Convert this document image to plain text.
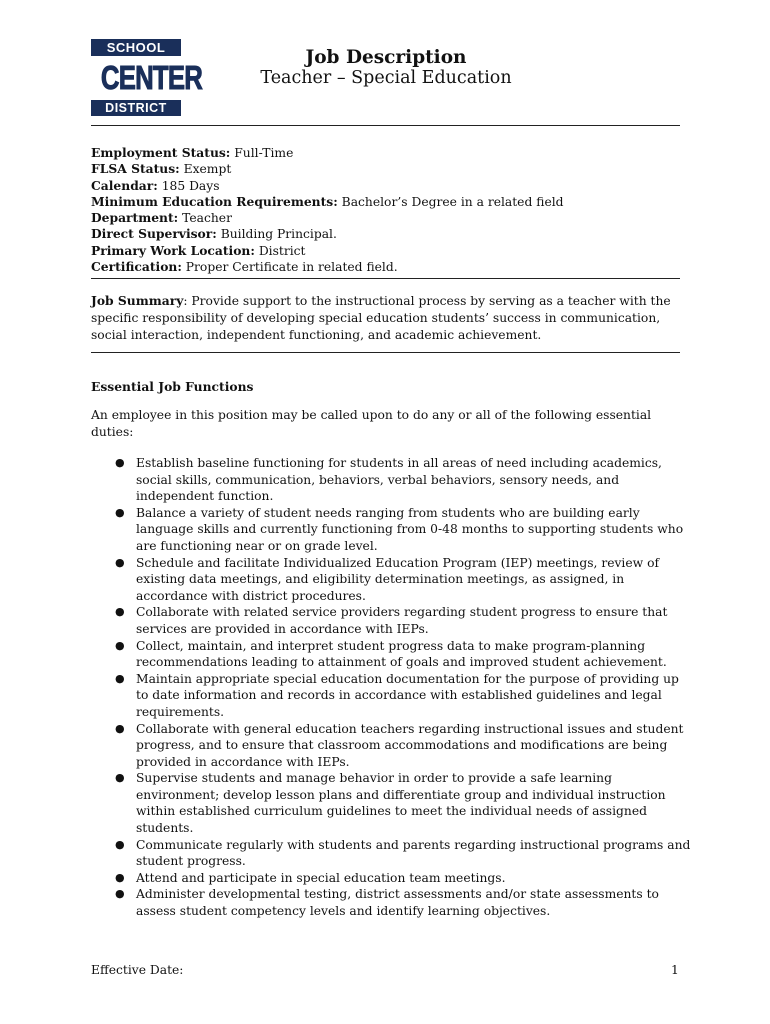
SCHOOL
CENTER
DISTRICT
Job Description
Teacher – Special Education
Employment Status: Full-Time
FLSA Status: Exempt
Calendar: 185 Days
Minimum Education Requirements: Bachelor’s Degree in a related field
Department: Teacher
Direct Supervisor: Building Principal.
Primary Work Location: District
Certification: Proper Certificate in related field.
Job Summary: Provide support to the instructional process by serving as a teacher with the specific responsibility of developing special education students’ success in communication, social interaction, independent functioning, and academic achievement.
Essential Job Functions
An employee in this position may be called upon to do any or all of the following essential duties:
● Establish baseline functioning for students in all areas of need including academics,
social skills, communication, behaviors, verbal behaviors, sensory needs, and
independent function.
● Balance a variety of student needs ranging from students who are building early
language skills and currently functioning from 0-48 months to supporting students who
are functioning near or on grade level.
● Schedule and facilitate Individualized Education Program (IEP) meetings, review of
existing data meetings, and eligibility determination meetings, as assigned, in
accordance with district procedures.
● Collaborate with related service providers regarding student progress to ensure that
services are provided in accordance with IEPs.
● Collect, maintain, and interpret student progress data to make program-planning
recommendations leading to attainment of goals and improved student achievement.
● Maintain appropriate special education documentation for the purpose of providing up
to date information and records in accordance with established guidelines and legal
requirements.
● Collaborate with general education teachers regarding instructional issues and student
progress, and to ensure that classroom accommodations and modifications are being
provided in accordance with IEPs.
● Supervise students and manage behavior in order to provide a safe learning
environment; develop lesson plans and differentiate group and individual instruction
within established curriculum guidelines to meet the individual needs of assigned
students.
● Communicate regularly with students and parents regarding instructional programs and
student progress.
● Attend and participate in special education team meetings.
● Administer developmental testing, district assessments and/or state assessments to
assess student competency levels and identify learning objectives.
Effective Date:	1
